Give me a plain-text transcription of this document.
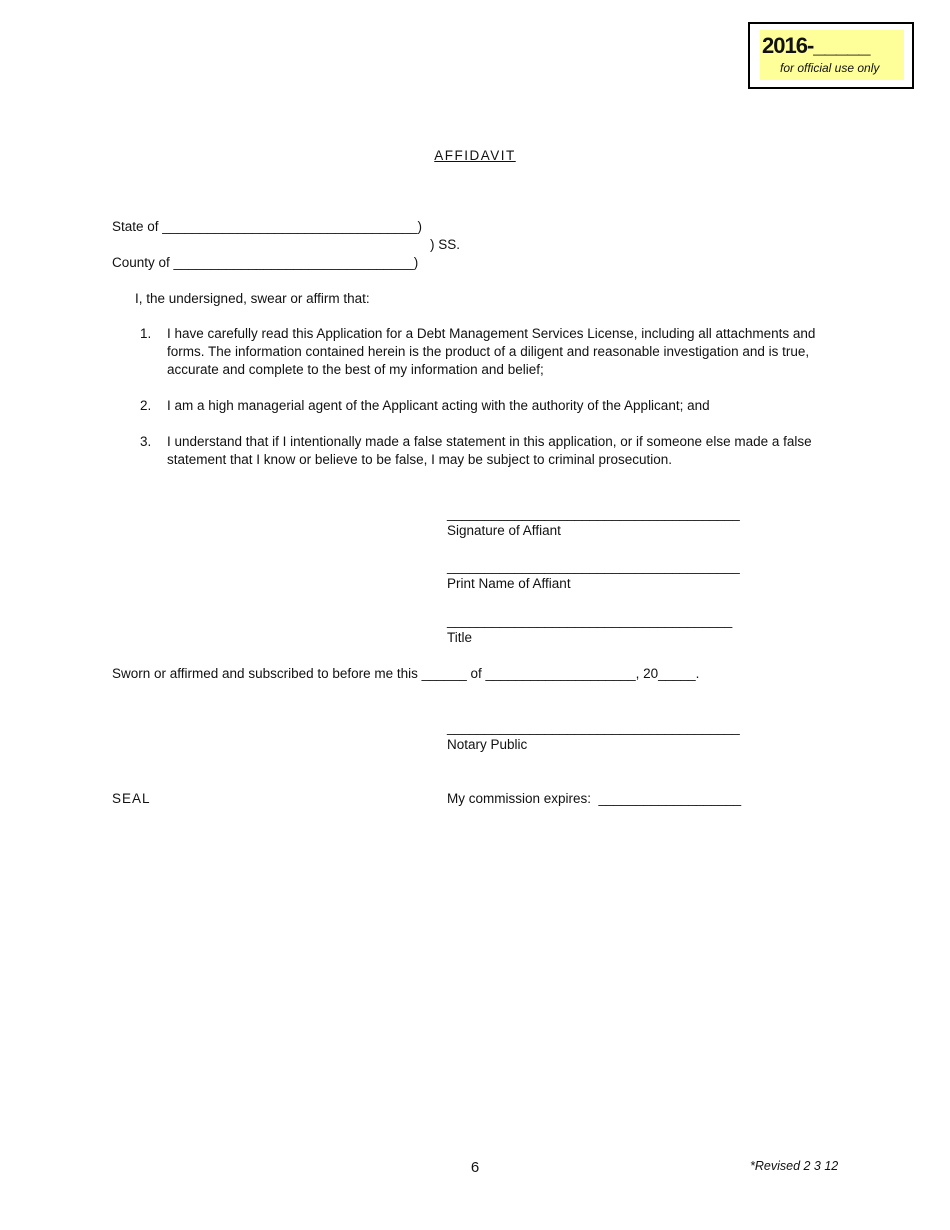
2016-_____
for official use only
AFFIDAVIT
State of __________________________________)
) SS.
County of ________________________________)
I, the undersigned, swear or affirm that:
1.	I have carefully read this Application for a Debt Management Services License, including all attachments and forms. The information contained herein is the product of a diligent and reasonable investigation and is true, accurate and complete to the best of my information and belief;
2.	I am a high managerial agent of the Applicant acting with the authority of the Applicant; and
3.	I understand that if I intentionally made a false statement in this application, or if someone else made a false statement that I know or believe to be false, I may be subject to criminal prosecution.
_______________________________________
Signature of Affiant
_______________________________________
Print Name of Affiant
______________________________________
Title
Sworn or affirmed and subscribed to before me this ______ of ____________________, 20_____.
_______________________________________
Notary Public
SEAL	My commission expires:  ___________________
6	*Revised 2 3 12
